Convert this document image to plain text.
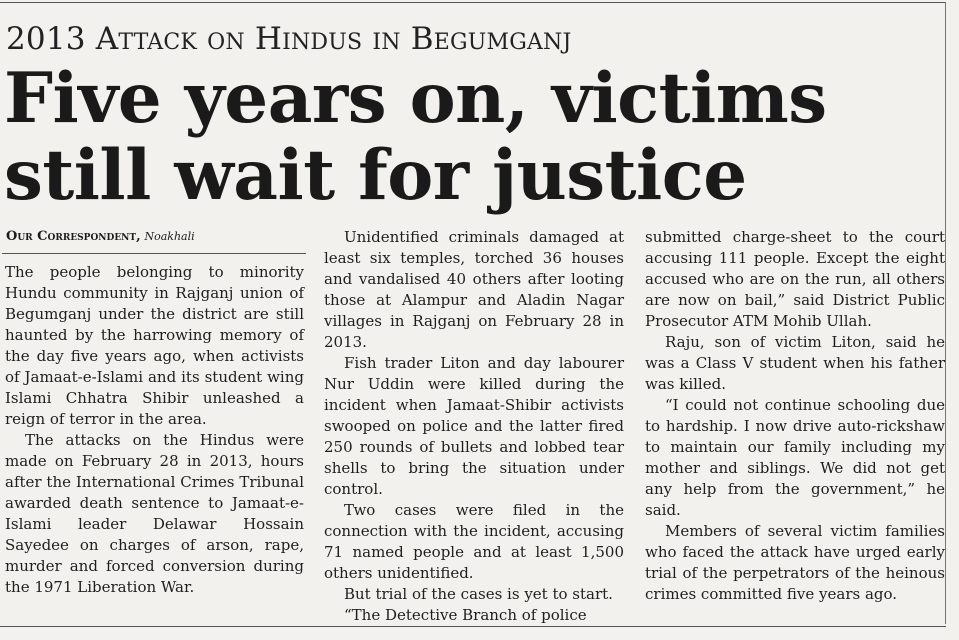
2013 Attack on Hindus in Begumganj
Five years on, victims still wait for justice
Our Correspondent, Noakhali

The people belonging to minority Hundu community in Rajganj union of Begumganj under the district are still haunted by the harrowing memory of the day five years ago, when activists of Jamaat-e-Islami and its student wing Islami Chhatra Shibir unleashed a reign of terror in the area.

The attacks on the Hindus were made on February 28 in 2013, hours after the International Crimes Tribunal awarded death sentence to Jamaat-e-Islami leader Delawar Hossain Sayedee on charges of arson, rape, murder and forced conversion during the 1971 Liberation War.

Unidentified criminals damaged at least six temples, torched 36 houses and vandalised 40 others after looting those at Alampur and Aladin Nagar villages in Rajganj on February 28 in 2013.

Fish trader Liton and day labourer Nur Uddin were killed during the incident when Jamaat-Shibir activists swooped on police and the latter fired 250 rounds of bullets and lobbed tear shells to bring the situation under control.

Two cases were filed in the connection with the incident, accusing 71 named people and at least 1,500 others unidentified.

But trial of the cases is yet to start.

“The Detective Branch of police

submitted charge-sheet to the court accusing 111 people. Except the eight accused who are on the run, all others are now on bail,” said District Public Prosecutor ATM Mohib Ullah.

Raju, son of victim Liton, said he was a Class V student when his father was killed.

“I could not continue schooling due to hardship. I now drive auto-rickshaw to maintain our family including my mother and siblings. We did not get any help from the government,” he said.

Members of several victim families who faced the attack have urged early trial of the perpetrators of the heinous crimes committed five years ago.
